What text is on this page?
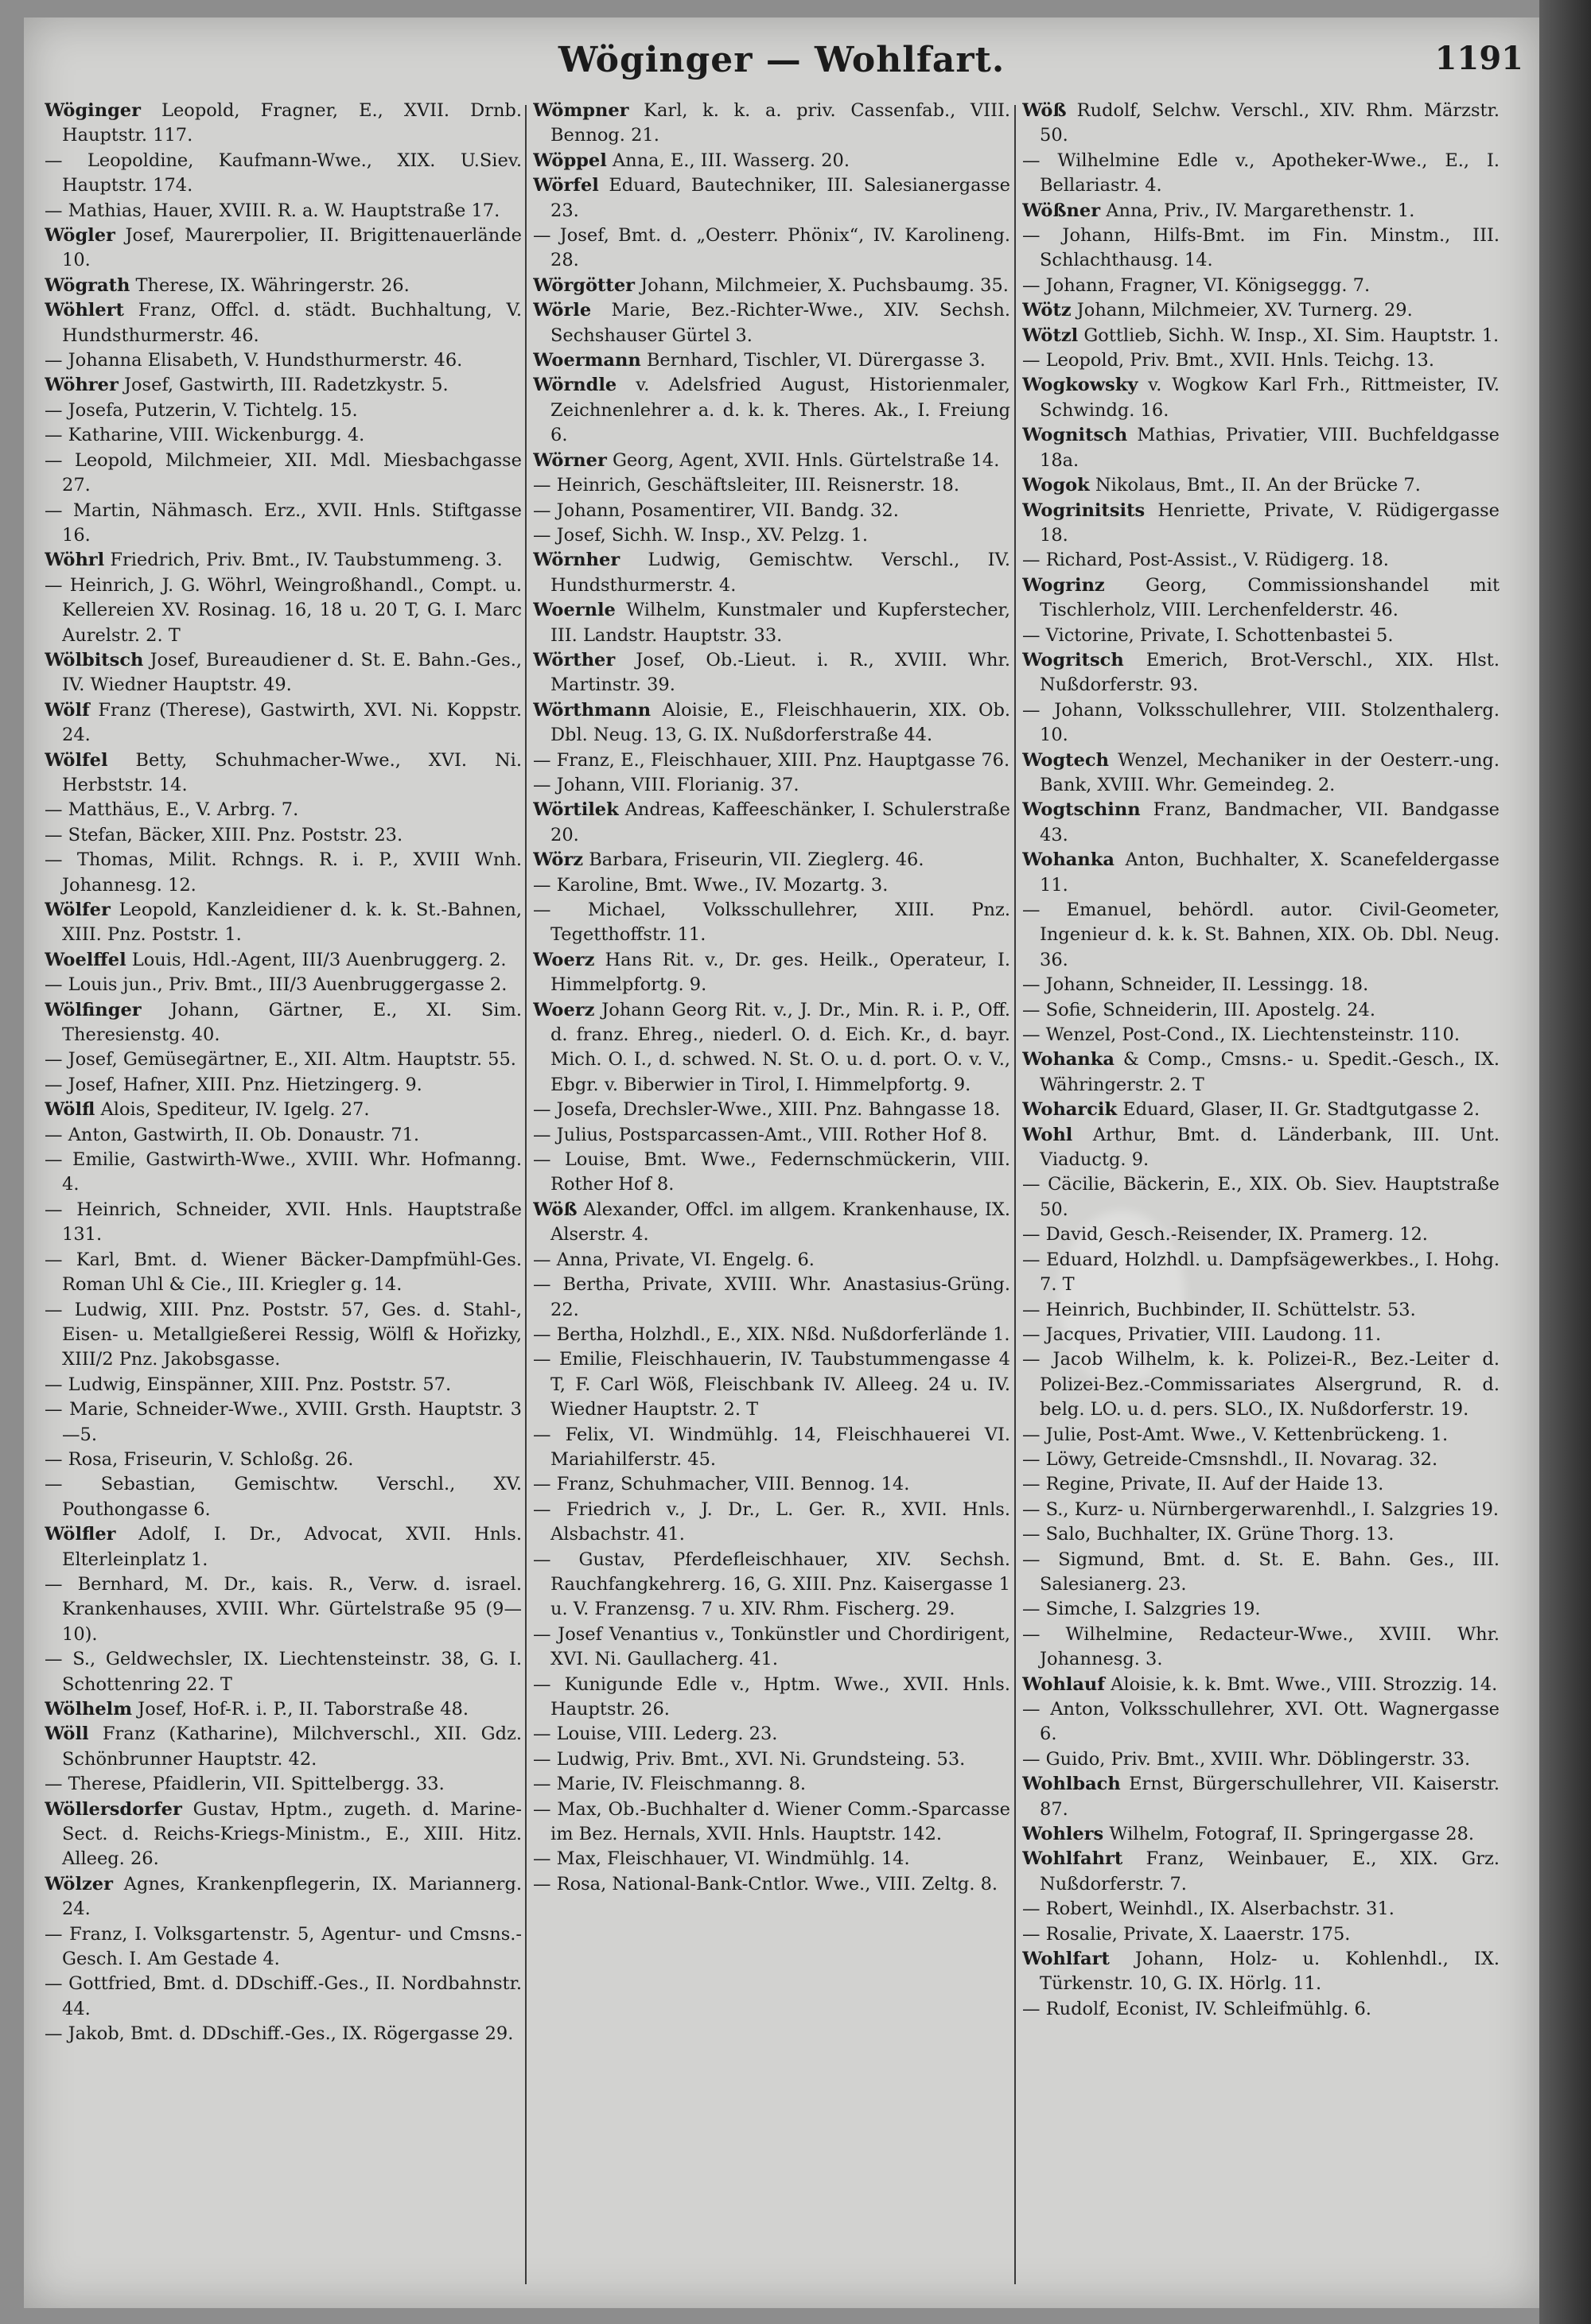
Wöginger — Wohlfart.	1191

Wöginger Leopold, Fragner, E., XVII. Drnb. Hauptstr. 117.

— Leopoldine, Kaufmann-Wwe., XIX. U.Siev. Hauptstr. 174.

— Mathias, Hauer, XVIII. R. a. W. Hauptstraße 17.

Wögler Josef, Maurerpolier, II. Brigittenauerlände 10.

Wögrath Therese, IX. Währingerstr. 26.

Wöhlert Franz, Offcl. d. städt. Buchhaltung, V. Hundsthurmerstr. 46.

— Johanna Elisabeth, V. Hundsthurmerstr. 46.

Wöhrer Josef, Gastwirth, III. Radetzkystr. 5.

— Josefa, Putzerin, V. Tichtelg. 15.

— Katharine, VIII. Wickenburgg. 4.

— Leopold, Milchmeier, XII. Mdl. Miesbachgasse 27.

— Martin, Nähmasch. Erz., XVII. Hnls. Stiftgasse 16.

Wöhrl Friedrich, Priv. Bmt., IV. Taubstummeng. 3.

— Heinrich, J. G. Wöhrl, Weingroßhandl., Compt. u. Kellereien XV. Rosinag. 16, 18 u. 20 T, G. I. Marc Aurelstr. 2. T

Wölbitsch Josef, Bureaudiener d. St. E. Bahn.-Ges., IV. Wiedner Hauptstr. 49.

Wölf Franz (Therese), Gastwirth, XVI. Ni. Koppstr. 24.

Wölfel Betty, Schuhmacher-Wwe., XVI. Ni. Herbststr. 14.

— Matthäus, E., V. Arbrg. 7.

— Stefan, Bäcker, XIII. Pnz. Poststr. 23.

— Thomas, Milit. Rchngs. R. i. P., XVIII Wnh. Johannesg. 12.

Wölfer Leopold, Kanzleidiener d. k. k. St.-Bahnen, XIII. Pnz. Poststr. 1.

Woelffel Louis, Hdl.-Agent, III/3 Auenbruggerg. 2.

— Louis jun., Priv. Bmt., III/3 Auenbruggergasse 2.

Wölfinger Johann, Gärtner, E., XI. Sim. Theresienstg. 40.

— Josef, Gemüsegärtner, E., XII. Altm. Hauptstr. 55.

— Josef, Hafner, XIII. Pnz. Hietzingerg. 9.

Wölfl Alois, Spediteur, IV. Igelg. 27.

— Anton, Gastwirth, II. Ob. Donaustr. 71.

— Emilie, Gastwirth-Wwe., XVIII. Whr. Hofmanng. 4.

— Heinrich, Schneider, XVII. Hnls. Hauptstraße 131.

— Karl, Bmt. d. Wiener Bäcker-Dampfmühl-Ges. Roman Uhl & Cie., III. Kriegler g. 14.

— Ludwig, XIII. Pnz. Poststr. 57, Ges. d. Stahl-, Eisen- u. Metallgießerei Ressig, Wölfl & Hořizky, XIII/2 Pnz. Jakobsgasse.

— Ludwig, Einspänner, XIII. Pnz. Poststr. 57.

— Marie, Schneider-Wwe., XVIII. Grsth. Hauptstr. 3—5.

— Rosa, Friseurin, V. Schloßg. 26.

— Sebastian, Gemischtw. Verschl., XV. Pouthongasse 6.

Wölfler Adolf, I. Dr., Advocat, XVII. Hnls. Elterleinplatz 1.

— Bernhard, M. Dr., kais. R., Verw. d. israel. Krankenhauses, XVIII. Whr. Gürtelstraße 95 (9—10).

— S., Geldwechsler, IX. Liechtensteinstr. 38, G. I. Schottenring 22. T

Wölhelm Josef, Hof-R. i. P., II. Taborstraße 48.

Wöll Franz (Katharine), Milchverschl., XII. Gdz. Schönbrunner Hauptstr. 42.

— Therese, Pfaidlerin, VII. Spittelbergg. 33.

Wöllersdorfer Gustav, Hptm., zugeth. d. Marine-Sect. d. Reichs-Kriegs-Ministm., E., XIII. Hitz. Alleeg. 26.

Wölzer Agnes, Krankenpflegerin, IX. Mariannerg. 24.

— Franz, I. Volksgartenstr. 5, Agentur- und Cmsns.-Gesch. I. Am Gestade 4.

— Gottfried, Bmt. d. DDschiff.-Ges., II. Nordbahnstr. 44.

— Jakob, Bmt. d. DDschiff.-Ges., IX. Rögergasse 29.

Wömpner Karl, k. k. a. priv. Cassenfab., VIII. Bennog. 21.

Wöppel Anna, E., III. Wasserg. 20.

Wörfel Eduard, Bautechniker, III. Salesianergasse 23.

— Josef, Bmt. d. „Oesterr. Phönix“, IV. Karolineng. 28.

Wörgötter Johann, Milchmeier, X. Puchsbaumg. 35.

Wörle Marie, Bez.-Richter-Wwe., XIV. Sechsh. Sechshauser Gürtel 3.

Woermann Bernhard, Tischler, VI. Dürergasse 3.

Wörndle v. Adelsfried August, Historienmaler, Zeichnenlehrer a. d. k. k. Theres. Ak., I. Freiung 6.

Wörner Georg, Agent, XVII. Hnls. Gürtelstraße 14.

— Heinrich, Geschäftsleiter, III. Reisnerstr. 18.

— Johann, Posamentirer, VII. Bandg. 32.

— Josef, Sichh. W. Insp., XV. Pelzg. 1.

Wörnher Ludwig, Gemischtw. Verschl., IV. Hundsthurmerstr. 4.

Woernle Wilhelm, Kunstmaler und Kupferstecher, III. Landstr. Hauptstr. 33.

Wörther Josef, Ob.-Lieut. i. R., XVIII. Whr. Martinstr. 39.

Wörthmann Aloisie, E., Fleischhauerin, XIX. Ob. Dbl. Neug. 13, G. IX. Nußdorferstraße 44.

— Franz, E., Fleischhauer, XIII. Pnz. Hauptgasse 76.

— Johann, VIII. Florianig. 37.

Wörtilek Andreas, Kaffeeschänker, I. Schulerstraße 20.

Wörz Barbara, Friseurin, VII. Zieglerg. 46.

— Karoline, Bmt. Wwe., IV. Mozartg. 3.

— Michael, Volksschullehrer, XIII. Pnz. Tegetthoffstr. 11.

Woerz Hans Rit. v., Dr. ges. Heilk., Operateur, I. Himmelpfortg. 9.

Woerz Johann Georg Rit. v., J. Dr., Min. R. i. P., Off. d. franz. Ehreg., niederl. O. d. Eich. Kr., d. bayr. Mich. O. I., d. schwed. N. St. O. u. d. port. O. v. V., Ebgr. v. Biberwier in Tirol, I. Himmelpfortg. 9.

— Josefa, Drechsler-Wwe., XIII. Pnz. Bahngasse 18.

— Julius, Postsparcassen-Amt., VIII. Rother Hof 8.

— Louise, Bmt. Wwe., Federnschmückerin, VIII. Rother Hof 8.

Wöß Alexander, Offcl. im allgem. Krankenhause, IX. Alserstr. 4.

— Anna, Private, VI. Engelg. 6.

— Bertha, Private, XVIII. Whr. Anastasius-Grüng. 22.

— Bertha, Holzhdl., E., XIX. Nßd. Nußdorferlände 1.

— Emilie, Fleischhauerin, IV. Taubstummengasse 4 T, F. Carl Wöß, Fleischbank IV. Alleeg. 24 u. IV. Wiedner Hauptstr. 2. T

— Felix, VI. Windmühlg. 14, Fleischhauerei VI. Mariahilferstr. 45.

— Franz, Schuhmacher, VIII. Bennog. 14.

— Friedrich v., J. Dr., L. Ger. R., XVII. Hnls. Alsbachstr. 41.

— Gustav, Pferdefleischhauer, XIV. Sechsh. Rauchfangkehrerg. 16, G. XIII. Pnz. Kaisergasse 1 u. V. Franzensg. 7 u. XIV. Rhm. Fischerg. 29.

— Josef Venantius v., Tonkünstler und Chordirigent, XVI. Ni. Gaullacherg. 41.

— Kunigunde Edle v., Hptm. Wwe., XVII. Hnls. Hauptstr. 26.

— Louise, VIII. Lederg. 23.

— Ludwig, Priv. Bmt., XVI. Ni. Grundsteing. 53.

— Marie, IV. Fleischmanng. 8.

— Max, Ob.-Buchhalter d. Wiener Comm.-Sparcasse im Bez. Hernals, XVII. Hnls. Hauptstr. 142.

— Max, Fleischhauer, VI. Windmühlg. 14.

— Rosa, National-Bank-Cntlor. Wwe., VIII. Zeltg. 8.

Wöß Rudolf, Selchw. Verschl., XIV. Rhm. Märzstr. 50.

— Wilhelmine Edle v., Apotheker-Wwe., E., I. Bellariastr. 4.

Wößner Anna, Priv., IV. Margarethenstr. 1.

— Johann, Hilfs-Bmt. im Fin. Minstm., III. Schlachthausg. 14.

— Johann, Fragner, VI. Königseggg. 7.

Wötz Johann, Milchmeier, XV. Turnerg. 29.

Wötzl Gottlieb, Sichh. W. Insp., XI. Sim. Hauptstr. 1.

— Leopold, Priv. Bmt., XVII. Hnls. Teichg. 13.

Wogkowsky v. Wogkow Karl Frh., Rittmeister, IV. Schwindg. 16.

Wognitsch Mathias, Privatier, VIII. Buchfeldgasse 18a.

Wogok Nikolaus, Bmt., II. An der Brücke 7.

Wogrinitsits Henriette, Private, V. Rüdigergasse 18.

— Richard, Post-Assist., V. Rüdigerg. 18.

Wogrinz Georg, Commissionshandel mit Tischlerholz, VIII. Lerchenfelderstr. 46.

— Victorine, Private, I. Schottenbastei 5.

Wogritsch Emerich, Brot-Verschl., XIX. Hlst. Nußdorferstr. 93.

— Johann, Volksschullehrer, VIII. Stolzenthalerg. 10.

Wogtech Wenzel, Mechaniker in der Oesterr.-ung. Bank, XVIII. Whr. Gemeindeg. 2.

Wogtschinn Franz, Bandmacher, VII. Bandgasse 43.

Wohanka Anton, Buchhalter, X. Scanefeldergasse 11.

— Emanuel, behördl. autor. Civil-Geometer, Ingenieur d. k. k. St. Bahnen, XIX. Ob. Dbl. Neug. 36.

— Johann, Schneider, II. Lessingg. 18.

— Sofie, Schneiderin, III. Apostelg. 24.

— Wenzel, Post-Cond., IX. Liechtensteinstr. 110.

Wohanka & Comp., Cmsns.- u. Spedit.-Gesch., IX. Währingerstr. 2. T

Woharcik Eduard, Glaser, II. Gr. Stadtgutgasse 2.

Wohl Arthur, Bmt. d. Länderbank, III. Unt. Viaductg. 9.

— Cäcilie, Bäckerin, E., XIX. Ob. Siev. Hauptstraße 50.

— David, Gesch.-Reisender, IX. Pramerg. 12.

— Eduard, Holzhdl. u. Dampfsägewerkbes., I. Hohg. 7. T

— Heinrich, Buchbinder, II. Schüttelstr. 53.

— Jacques, Privatier, VIII. Laudong. 11.

— Jacob Wilhelm, k. k. Polizei-R., Bez.-Leiter d. Polizei-Bez.-Commissariates Alsergrund, R. d. belg. LO. u. d. pers. SLO., IX. Nußdorferstr. 19.

— Julie, Post-Amt. Wwe., V. Kettenbrückeng. 1.

— Löwy, Getreide-Cmsnshdl., II. Novarag. 32.

— Regine, Private, II. Auf der Haide 13.

— S., Kurz- u. Nürnbergerwarenhdl., I. Salzgries 19.

— Salo, Buchhalter, IX. Grüne Thorg. 13.

— Sigmund, Bmt. d. St. E. Bahn. Ges., III. Salesianerg. 23.

— Simche, I. Salzgries 19.

— Wilhelmine, Redacteur-Wwe., XVIII. Whr. Johannesg. 3.

Wohlauf Aloisie, k. k. Bmt. Wwe., VIII. Strozzig. 14.

— Anton, Volksschullehrer, XVI. Ott. Wagnergasse 6.

— Guido, Priv. Bmt., XVIII. Whr. Döblingerstr. 33.

Wohlbach Ernst, Bürgerschullehrer, VII. Kaiserstr. 87.

Wohlers Wilhelm, Fotograf, II. Springergasse 28.

Wohlfahrt Franz, Weinbauer, E., XIX. Grz. Nußdorferstr. 7.

— Robert, Weinhdl., IX. Alserbachstr. 31.

— Rosalie, Private, X. Laaerstr. 175.

Wohlfart Johann, Holz- u. Kohlenhdl., IX. Türkenstr. 10, G. IX. Hörlg. 11.

— Rudolf, Econist, IV. Schleifmühlg. 6.
